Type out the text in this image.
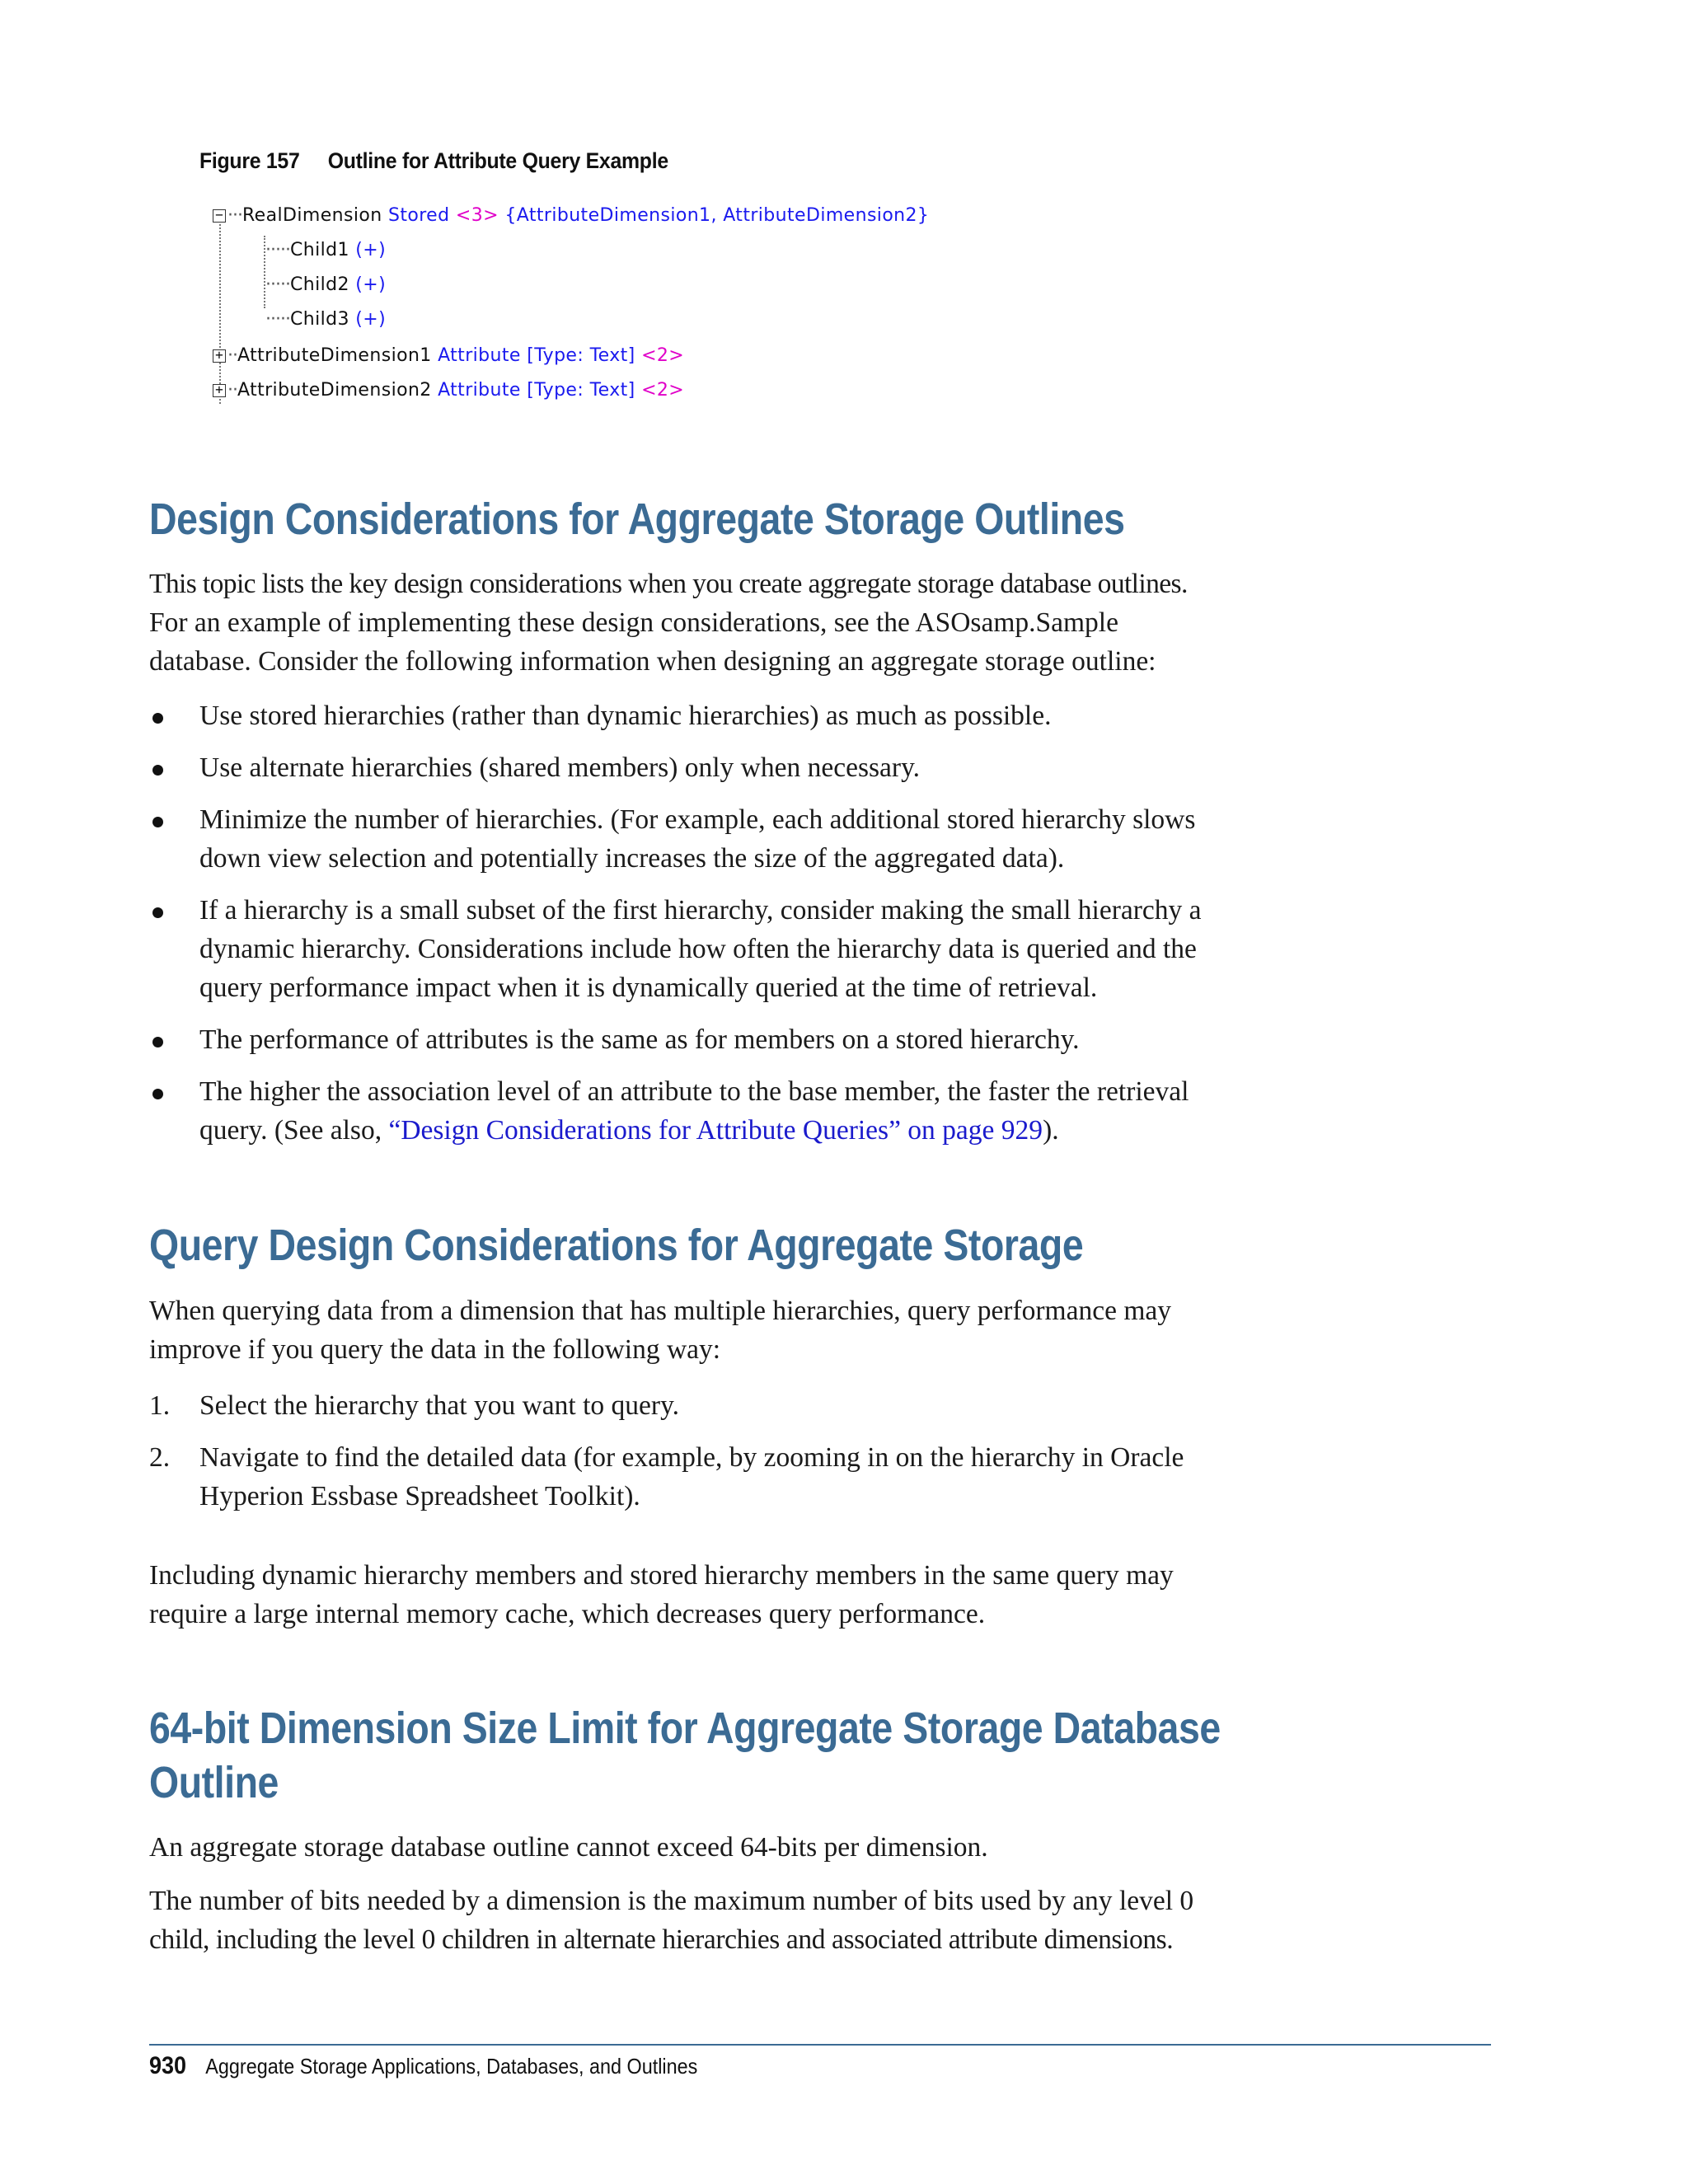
Figure 157 Outline for Attribute Query Example
− ···RealDimension Stored <3> {AttributeDimension1, AttributeDimension2}
·····Child1 (+)
·····Child2 (+)
·····Child3 (+)
+ ··AttributeDimension1 Attribute [Type: Text] <2>
+ ··AttributeDimension2 Attribute [Type: Text] <2>
Design Considerations for Aggregate Storage Outlines
This topic lists the key design considerations when you create aggregate storage database outlines.
For an example of implementing these design considerations, see the ASOsamp.Sample
database. Consider the following information when designing an aggregate storage outline:
Use stored hierarchies (rather than dynamic hierarchies) as much as possible.
Use alternate hierarchies (shared members) only when necessary.
Minimize the number of hierarchies. (For example, each additional stored hierarchy slows
down view selection and potentially increases the size of the aggregated data).
If a hierarchy is a small subset of the first hierarchy, consider making the small hierarchy a
dynamic hierarchy. Considerations include how often the hierarchy data is queried and the
query performance impact when it is dynamically queried at the time of retrieval.
The performance of attributes is the same as for members on a stored hierarchy.
The higher the association level of an attribute to the base member, the faster the retrieval
query. (See also, “Design Considerations for Attribute Queries” on page 929).
Query Design Considerations for Aggregate Storage
When querying data from a dimension that has multiple hierarchies, query performance may
improve if you query the data in the following way:
1. Select the hierarchy that you want to query.
2. Navigate to find the detailed data (for example, by zooming in on the hierarchy in Oracle
Hyperion Essbase Spreadsheet Toolkit).
Including dynamic hierarchy members and stored hierarchy members in the same query may
require a large internal memory cache, which decreases query performance.
64-bit Dimension Size Limit for Aggregate Storage Database
Outline
An aggregate storage database outline cannot exceed 64-bits per dimension.
The number of bits needed by a dimension is the maximum number of bits used by any level 0
child, including the level 0 children in alternate hierarchies and associated attribute dimensions.
930 Aggregate Storage Applications, Databases, and Outlines
